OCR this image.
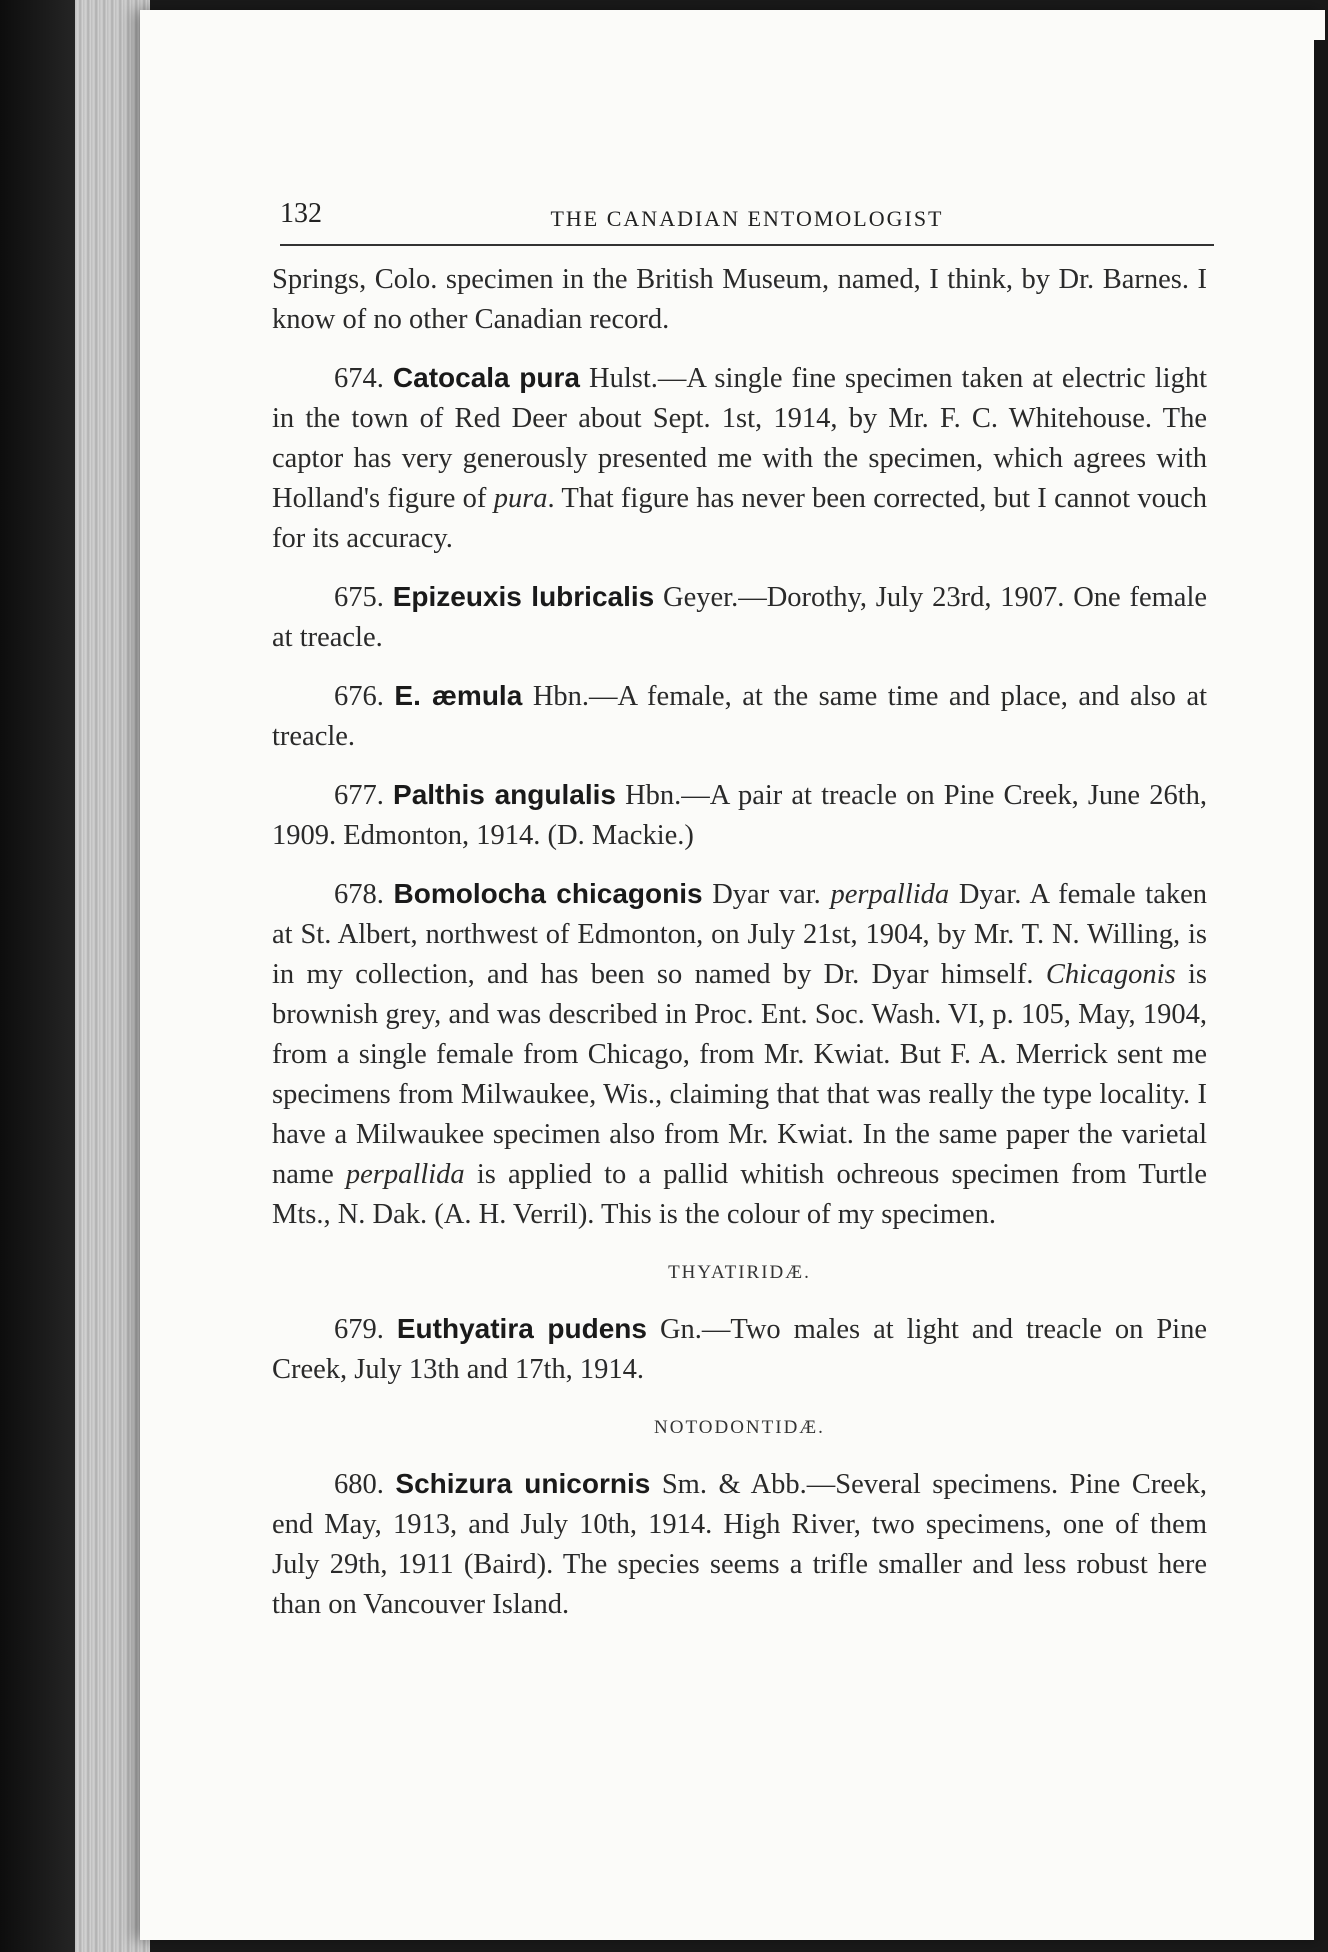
132	THE CANADIAN ENTOMOLOGIST

Springs, Colo. specimen in the British Museum, named, I think, by Dr. Barnes. I know of no other Canadian record.

674. Catocala pura Hulst.—A single fine specimen taken at electric light in the town of Red Deer about Sept. 1st, 1914, by Mr. F. C. Whitehouse. The captor has very generously presented me with the specimen, which agrees with Holland's figure of pura. That figure has never been corrected, but I cannot vouch for its accuracy.

675. Epizeuxis lubricalis Geyer.—Dorothy, July 23rd, 1907. One female at treacle.

676. E. æmula Hbn.—A female, at the same time and place, and also at treacle.

677. Palthis angulalis Hbn.—A pair at treacle on Pine Creek, June 26th, 1909. Edmonton, 1914. (D. Mackie.)

678. Bomolocha chicagonis Dyar var. perpallida Dyar. A female taken at St. Albert, northwest of Edmonton, on July 21st, 1904, by Mr. T. N. Willing, is in my collection, and has been so named by Dr. Dyar himself. Chicagonis is brownish grey, and was described in Proc. Ent. Soc. Wash. VI, p. 105, May, 1904, from a single female from Chicago, from Mr. Kwiat. But F. A. Merrick sent me specimens from Milwaukee, Wis., claiming that that was really the type locality. I have a Milwaukee specimen also from Mr. Kwiat. In the same paper the varietal name perpallida is applied to a pallid whitish ochreous specimen from Turtle Mts., N. Dak. (A. H. Verril). This is the colour of my specimen.

THYATIRIDÆ.

679. Euthyatira pudens Gn.—Two males at light and treacle on Pine Creek, July 13th and 17th, 1914.

NOTODONTIDÆ.

680. Schizura unicornis Sm. & Abb.—Several specimens. Pine Creek, end May, 1913, and July 10th, 1914. High River, two specimens, one of them July 29th, 1911 (Baird). The species seems a trifle smaller and less robust here than on Vancouver Island.
